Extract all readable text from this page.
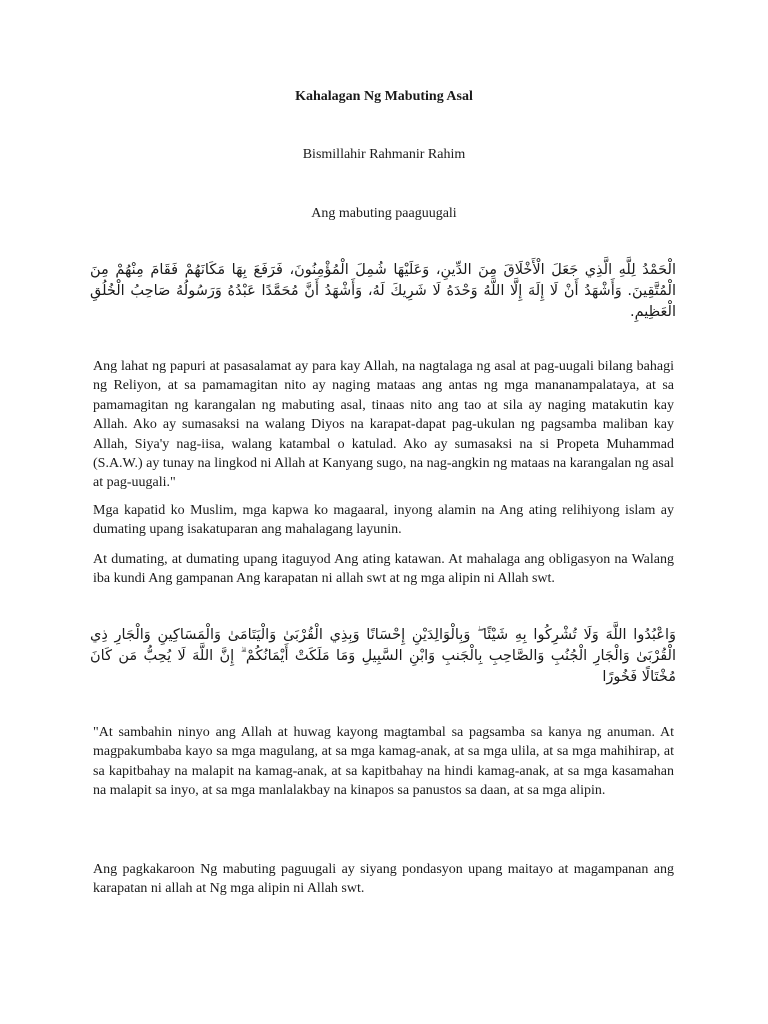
Kahalagan Ng Mabuting Asal
Bismillahir Rahmanir Rahim
Ang mabuting paaguugali
الْحَمْدُ لِلَّهِ الَّذِي جَعَلَ الْأَخْلَاقَ مِنَ الدِّينِ، وَعَلَيْهَا شُمِلَ الْمُؤْمِنُونَ، فَرَفَعَ بِهَا مَكَانَهُمْ فَقَامَ مِنْهُمْ مِنَ الْمُتَّقِينَ. وَأَشْهَدُ أَنْ لَا إِلَهَ إِلَّا اللَّهُ وَحْدَهُ لَا شَرِيكَ لَهُ، وَأَشْهَدُ أَنَّ مُحَمَّدًا عَبْدُهُ وَرَسُولُهُ صَاحِبُ الْخُلُقِ الْعَظِيمِ.

Ang lahat ng papuri at pasasalamat ay para kay Allah, na nagtalaga ng asal at pag-uugali bilang bahagi ng Reliyon, at sa pamamagitan nito ay naging mataas ang antas ng mga mananampalataya, at sa pamamagitan ng karangalan ng mabuting asal, tinaas nito ang tao at sila ay naging matakutin kay Allah. Ako ay sumasaksi na walang Diyos na karapat-dapat pag-ukulan ng pagsamba maliban kay Allah, Siya'y nag-iisa, walang katambal o katulad. Ako ay sumasaksi na si Propeta Muhammad (S.A.W.) ay tunay na lingkod ni Allah at Kanyang sugo, na nag-angkin ng mataas na karangalan ng asal at pag-uugali."

Mga kapatid ko Muslim, mga kapwa ko magaaral, inyong alamin na Ang ating relihiyong islam ay dumating upang isakatuparan ang mahalagang layunin.

At dumating, at dumating upang itaguyod Ang ating katawan. At mahalaga ang obligasyon na Walang iba kundi Ang gampanan Ang karapatan ni allah swt at ng mga alipin ni Allah swt.

وَاعْبُدُوا اللَّهَ وَلَا تُشْرِكُوا بِهِ شَيْئًا ۖ وَبِالْوَالِدَيْنِ إِحْسَانًا وَبِذِي الْقُرْبَىٰ وَالْيَتَامَىٰ وَالْمَسَاكِينِ وَالْجَارِ ذِي الْقُرْبَىٰ وَالْجَارِ الْجُنُبِ وَالصَّاحِبِ بِالْجَنبِ وَابْنِ السَّبِيلِ وَمَا مَلَكَتْ أَيْمَانُكُمْ ۗ إِنَّ اللَّهَ لَا يُحِبُّ مَن كَانَ مُخْتَالًا فَخُورًا

"At sambahin ninyo ang Allah at huwag kayong magtambal sa pagsamba sa kanya ng anuman. At magpakumbaba kayo sa mga magulang, at sa mga kamag-anak, at sa mga ulila, at sa mga mahihirap, at sa kapitbahay na malapit na kamag-anak, at sa kapitbahay na hindi kamag-anak, at sa mga kasamahan na malapit sa inyo, at sa mga manlalakbay na kinapos sa panustos sa daan, at sa mga alipin.

Ang pagkakaroon Ng mabuting paguugali ay siyang pondasyon upang maitayo at magampanan ang karapatan ni allah at Ng mga alipin ni Allah swt.
